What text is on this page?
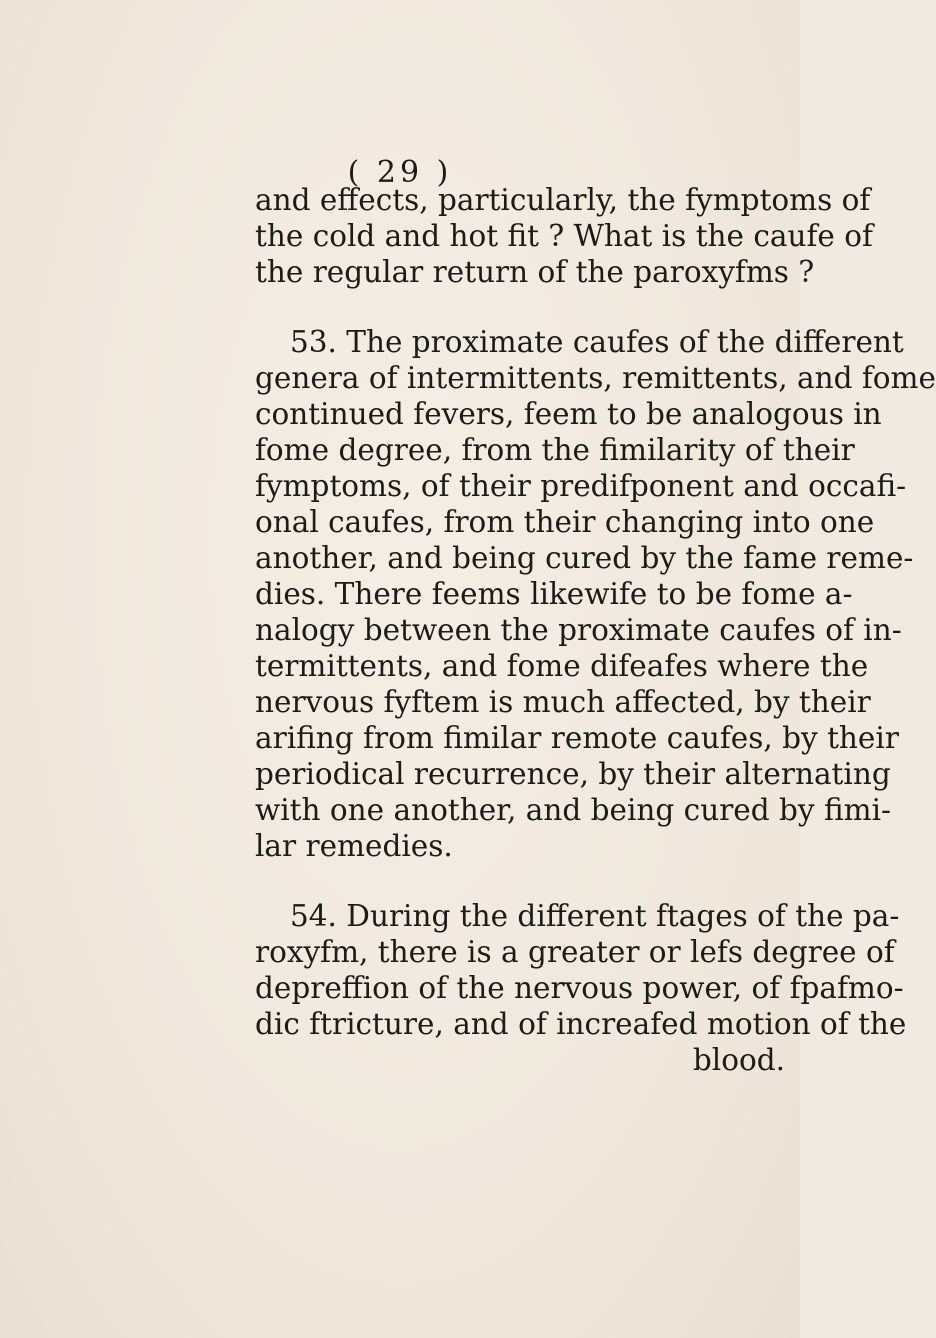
( 29 )
and effects, particularly, the fymptoms of
the cold and hot fit ? What is the caufe of
the regular return of the paroxyfms ?
53. The proximate caufes of the different
genera of intermittents, remittents, and fome
continued fevers, feem to be analogous in
fome degree, from the fimilarity of their
fymptoms, of their predifponent and occafi-
onal caufes, from their changing into one
another, and being cured by the fame reme-
dies. There feems likewife to be fome a-
nalogy between the proximate caufes of in-
termittents, and fome difeafes where the
nervous fyftem is much affected, by their
arifing from fimilar remote caufes, by their
periodical recurrence, by their alternating
with one another, and being cured by fimi-
lar remedies.
54. During the different ftages of the pa-
roxyfm, there is a greater or lefs degree of
depreffion of the nervous power, of fpafmo-
dic ftricture, and of increafed motion of the
blood.
